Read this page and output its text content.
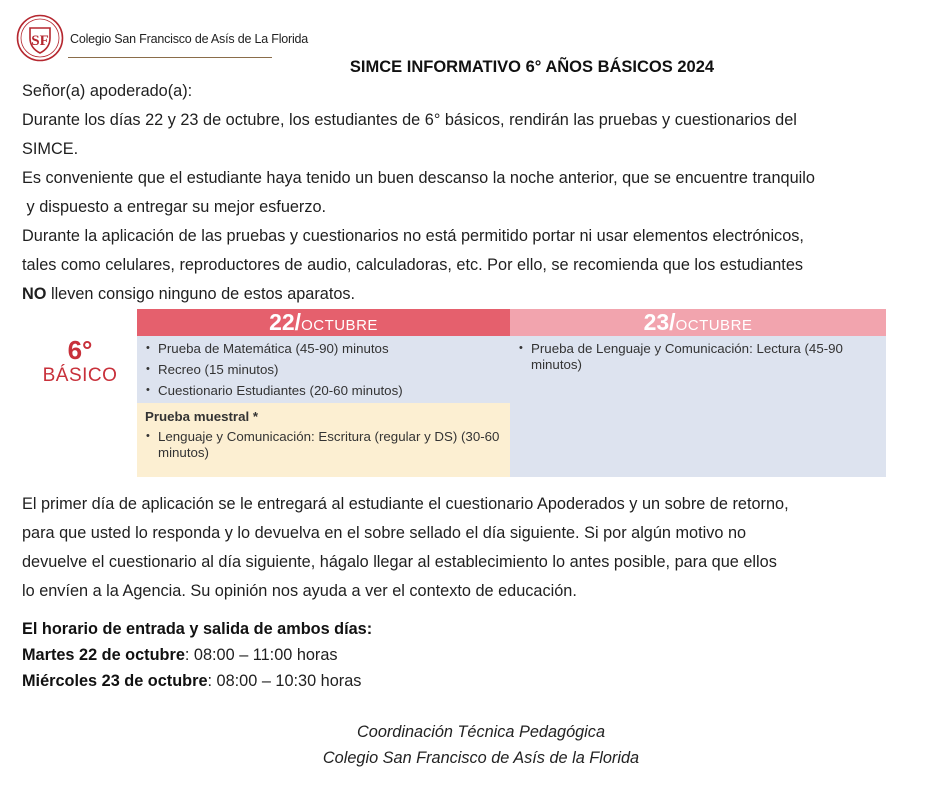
SF Colegio San Francisco de Asís de La Florida
SIMCE INFORMATIVO 6° AÑOS BÁSICOS 2024

Señor(a) apoderado(a):

Durante los días 22 y 23 de octubre, los estudiantes de 6° básicos, rendirán las pruebas y cuestionarios del

SIMCE.

Es conveniente que el estudiante haya tenido un buen descanso la noche anterior, que se encuentre tranquilo

y dispuesto a entregar su mejor esfuerzo.

Durante la aplicación de las pruebas y cuestionarios no está permitido portar ni usar elementos electrónicos,

tales como celulares, reproductores de audio, calculadoras, etc. Por ello, se recomienda que los estudiantes

NO lleven consigo ninguno de estos aparatos.

6°
BÁSICO
22/OCTUBRE
• Prueba de Matemática (45-90) minutos
• Recreo (15 minutos)
• Cuestionario Estudiantes (20-60 minutos)
Prueba muestral *
• Lenguaje y Comunicación: Escritura (regular y DS) (30-60 minutos)
23/OCTUBRE
• Prueba de Lenguaje y Comunicación: Lectura (45-90 minutos)

El primer día de aplicación se le entregará al estudiante el cuestionario Apoderados y un sobre de retorno,

para que usted lo responda y lo devuelva en el sobre sellado el día siguiente. Si por algún motivo no

devuelve el cuestionario al día siguiente, hágalo llegar al establecimiento lo antes posible, para que ellos

lo envíen a la Agencia. Su opinión nos ayuda a ver el contexto de educación.

El horario de entrada y salida de ambos días:
Martes 22 de octubre: 08:00 – 11:00 horas
Miércoles 23 de octubre: 08:00 – 10:30 horas
Coordinación Técnica Pedagógica
Colegio San Francisco de Asís de la Florida
